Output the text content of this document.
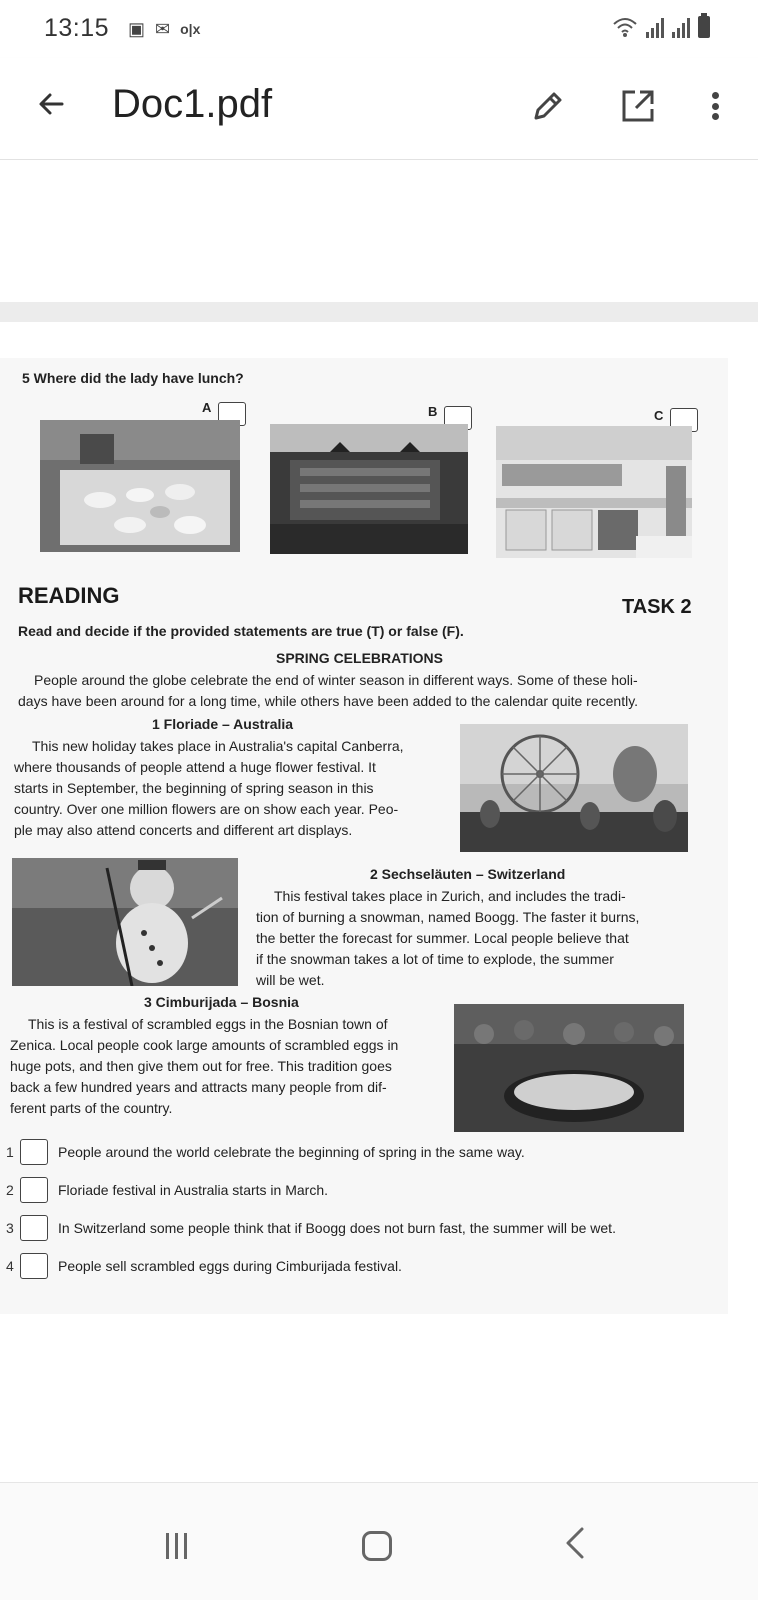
13:15 ▣ ✉ o|x
Doc1.pdf
5 Where did the lady have lunch?
A	B	C
READING	TASK 2
Read and decide if the provided statements are true (T) or false (F).
SPRING CELEBRATIONS
People around the globe celebrate the end of winter season in different ways. Some of these holi-
days have been around for a long time, while others have been added to the calendar quite recently.
1 Floriade – Australia
This new holiday takes place in Australia's capital Canberra,
where thousands of people attend a huge flower festival. It
starts in September, the beginning of spring season in this
country. Over one million flowers are on show each year. Peo-
ple may also attend concerts and different art displays.
2 Sechseläuten – Switzerland
This festival takes place in Zurich, and includes the tradi-
tion of burning a snowman, named Boogg. The faster it burns,
the better the forecast for summer. Local people believe that
if the snowman takes a lot of time to explode, the summer
will be wet.
3 Cimburijada – Bosnia
This is a festival of scrambled eggs in the Bosnian town of
Zenica. Local people cook large amounts of scrambled eggs in
huge pots, and then give them out for free. This tradition goes
back a few hundred years and attracts many people from dif-
ferent parts of the country.
1	People around the world celebrate the beginning of spring in the same way.
2	Floriade festival in Australia starts in March.
3	In Switzerland some people think that if Boogg does not burn fast, the summer will be wet.
4	People sell scrambled eggs during Cimburijada festival.
